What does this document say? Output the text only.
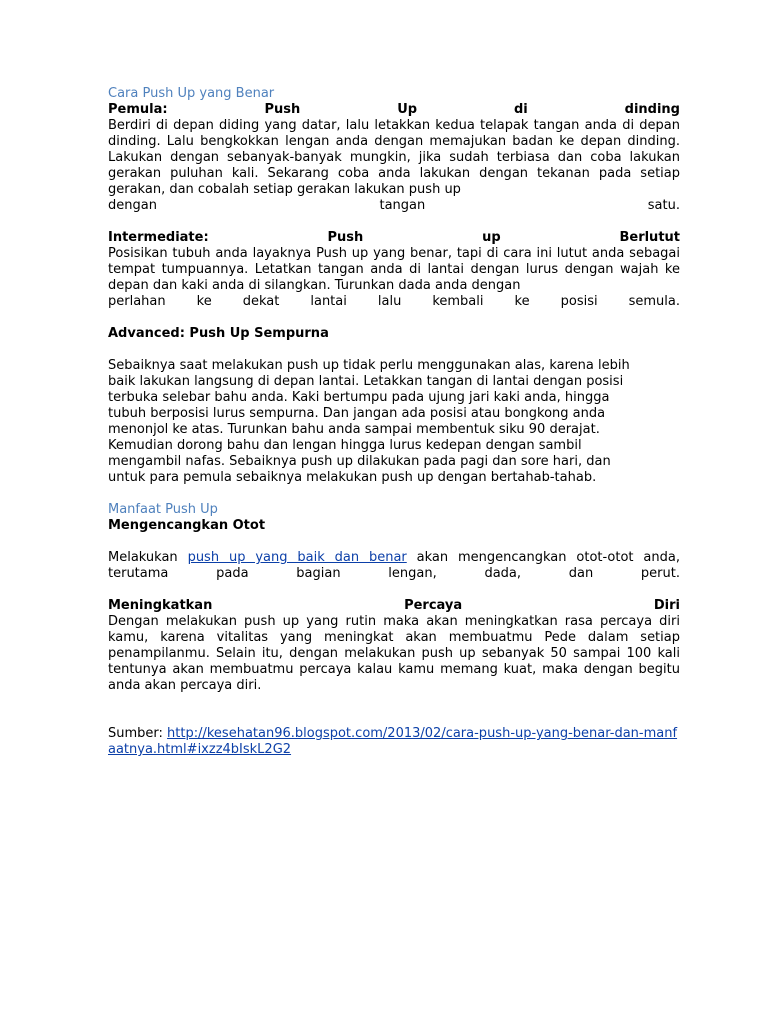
Cara Push Up yang Benar

Pemula: Push Up di dinding

Berdiri di depan diding yang datar, lalu letakkan kedua telapak tangan anda di depan dinding. Lalu bengkokkan lengan anda dengan memajukan badan ke depan dinding. Lakukan dengan sebanyak-banyak mungkin, jika sudah terbiasa dan coba lakukan gerakan puluhan kali. Sekarang coba anda lakukan dengan tekanan pada setiap gerakan, dan cobalah setiap gerakan lakukan push up

dengan tangan satu.

Intermediate: Push up Berlutut

Posisikan tubuh anda layaknya Push up yang benar, tapi di cara ini lutut anda sebagai tempat tumpuannya. Letatkan tangan anda di lantai dengan lurus dengan wajah ke depan dan kaki anda di silangkan. Turunkan dada anda dengan

perlahan ke dekat lantai lalu kembali ke posisi semula.

Advanced: Push Up Sempurna

Sebaiknya saat melakukan push up tidak perlu menggunakan alas, karena lebih
baik lakukan langsung di depan lantai. Letakkan tangan di lantai dengan posisi
terbuka selebar bahu anda. Kaki bertumpu pada ujung jari kaki anda, hingga
tubuh berposisi lurus sempurna. Dan jangan ada posisi atau bongkong anda
menonjol ke atas. Turunkan bahu anda sampai membentuk siku 90 derajat.
Kemudian dorong bahu dan lengan hingga lurus kedepan dengan sambil
mengambil nafas. Sebaiknya push up dilakukan pada pagi dan sore hari, dan
untuk para pemula sebaiknya melakukan push up dengan bertahab-tahab.

Manfaat Push Up

Mengencangkan Otot

Melakukan push up yang baik dan benar akan mengencangkan otot-otot anda,

terutama pada bagian lengan, dada, dan perut.

Meningkatkan Percaya Diri

Dengan melakukan push up yang rutin maka akan meningkatkan rasa percaya diri kamu, karena vitalitas yang meningkat akan membuatmu Pede dalam setiap penampilanmu. Selain itu, dengan melakukan push up sebanyak 50 sampai 100 kali tentunya akan membuatmu percaya kalau kamu memang kuat, maka dengan begitu anda akan percaya diri.

Sumber: http://kesehatan96.blogspot.com/2013/02/cara-push-up-yang-benar-dan-manfaatnya.html#ixzz4bIskL2G2
